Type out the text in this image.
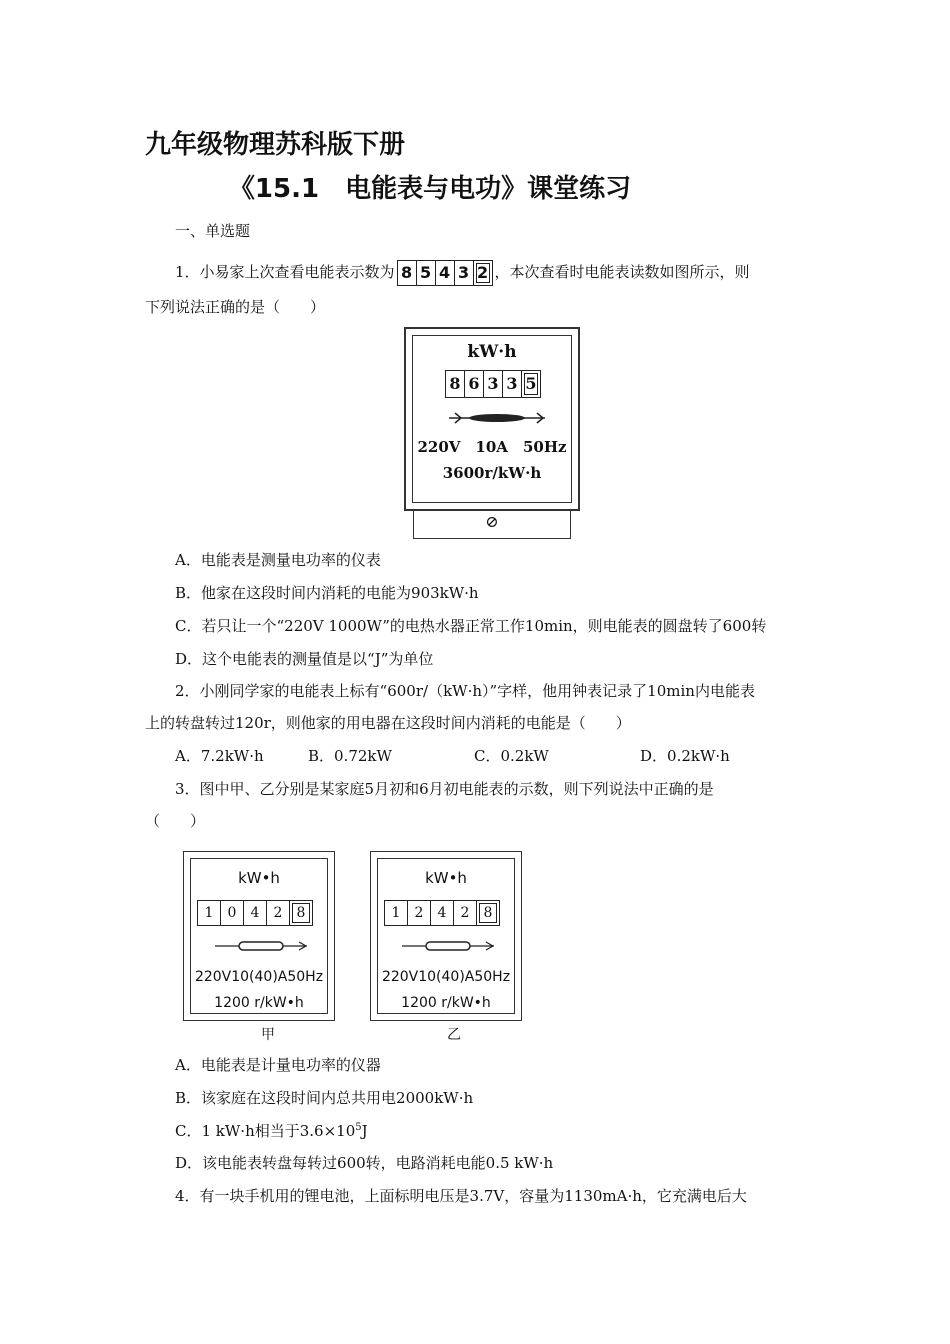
九年级物理苏科版下册
《15.1　电能表与电功》课堂练习
一、单选题
1．小易家上次查看电能表示数为 8 5 4 3 2 ，本次查看时电能表读数如图所示，则
下列说法正确的是（　　）
kW·h
8 6 3 3 5
220V　10A　50Hz
3600r/kW·h
⊘
A．电能表是测量电功率的仪表
B．他家在这段时间内消耗的电能为903kW·h
C．若只让一个“220V 1000W”的电热水器正常工作10min，则电能表的圆盘转了600转
D．这个电能表的测量值是以“J”为单位
2．小刚同学家的电能表上标有“600r/（kW·h）”字样，他用钟表记录了10min内电能表
上的转盘转过120r，则他家的用电器在这段时间内消耗的电能是（　　）
A．7.2kW·h	B．0.72kW	C．0.2kW	D．0.2kW·h
3．图中甲、乙分别是某家庭5月初和6月初电能表的示数，则下列说法中正确的是
（　　）
kW•h
1	0	4	2	8
220V10(40)A50Hz
1200 r/kW•h
甲
kW•h
1	2	4	2	8
220V10(40)A50Hz
1200 r/kW•h
乙
A．电能表是计量电功率的仪器
B．该家庭在这段时间内总共用电2000kW·h
C．1 kW·h相当于$3.6\times 10^5J$
D．该电能表转盘每转过600转，电路消耗电能0.5 kW·h
4．有一块手机用的锂电池，上面标明电压是3.7V，容量为1130mA·h，它充满电后大
